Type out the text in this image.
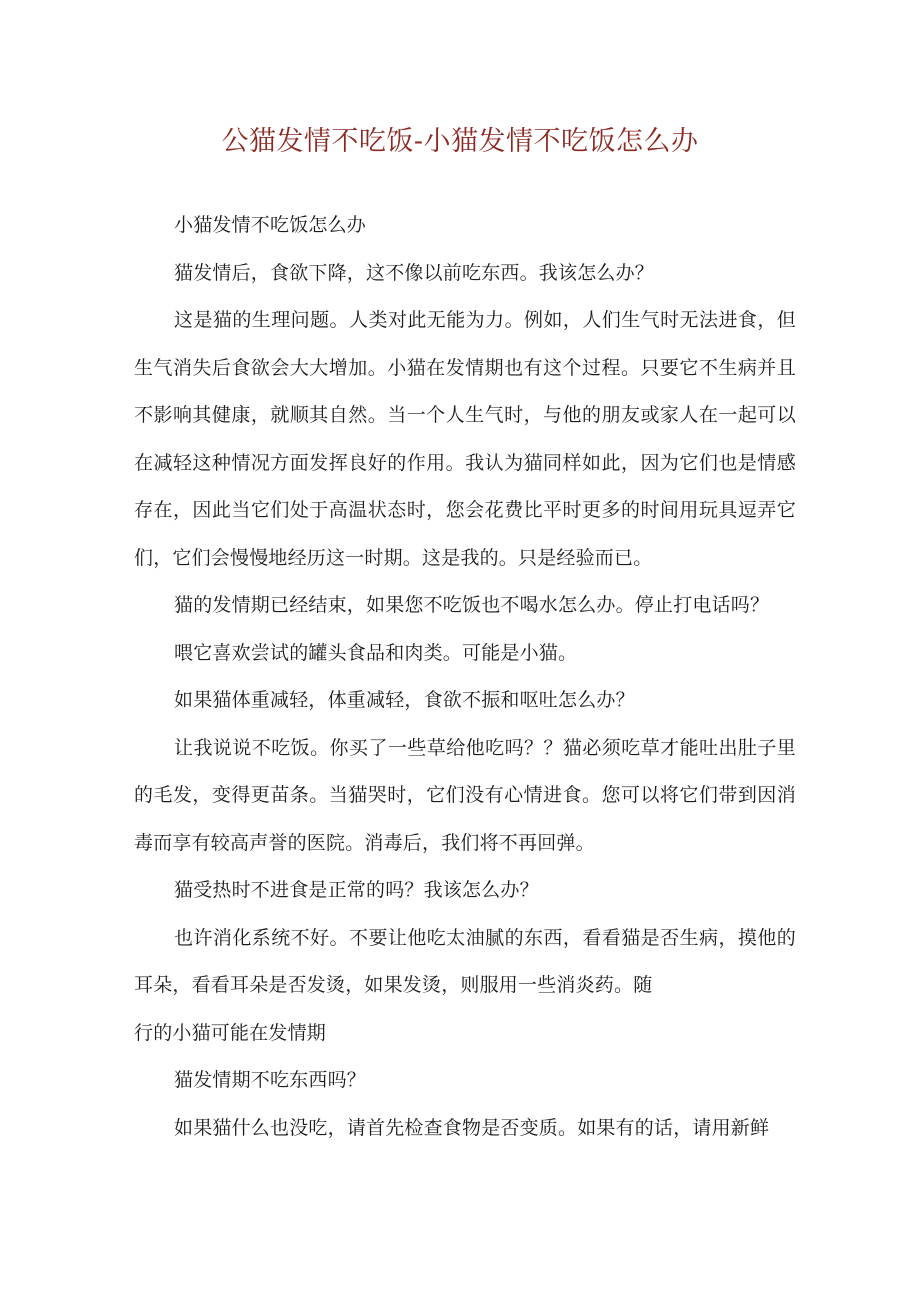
公猫发情不吃饭-小猫发情不吃饭怎么办

小猫发情不吃饭怎么办

猫发情后，食欲下降，这不像以前吃东西。我该怎么办？

这是猫的生理问题。人类对此无能为力。例如，人们生气时无法进食，但生气消失后食欲会大大增加。小猫在发情期也有这个过程。只要它不生病并且不影响其健康，就顺其自然。当一个人生气时，与他的朋友或家人在一起可以在减轻这种情况方面发挥良好的作用。我认为猫同样如此，因为它们也是情感存在，因此当它们处于高温状态时，您会花费比平时更多的时间用玩具逗弄它们，它们会慢慢地经历这一时期。这是我的。只是经验而已。

猫的发情期已经结束，如果您不吃饭也不喝水怎么办。停止打电话吗？

喂它喜欢尝试的罐头食品和肉类。可能是小猫。

如果猫体重减轻，体重减轻，食欲不振和呕吐怎么办？

让我说说不吃饭。你买了一些草给他吃吗？？猫必须吃草才能吐出肚子里的毛发，变得更苗条。当猫哭时，它们没有心情进食。您可以将它们带到因消毒而享有较高声誉的医院。消毒后，我们将不再回弹。

猫受热时不进食是正常的吗？我该怎么办？

也许消化系统不好。不要让他吃太油腻的东西，看看猫是否生病，摸他的耳朵，看看耳朵是否发烫，如果发烫，则服用一些消炎药。随

行的小猫可能在发情期

猫发情期不吃东西吗？

如果猫什么也没吃，请首先检查食物是否变质。如果有的话，请用新鲜
